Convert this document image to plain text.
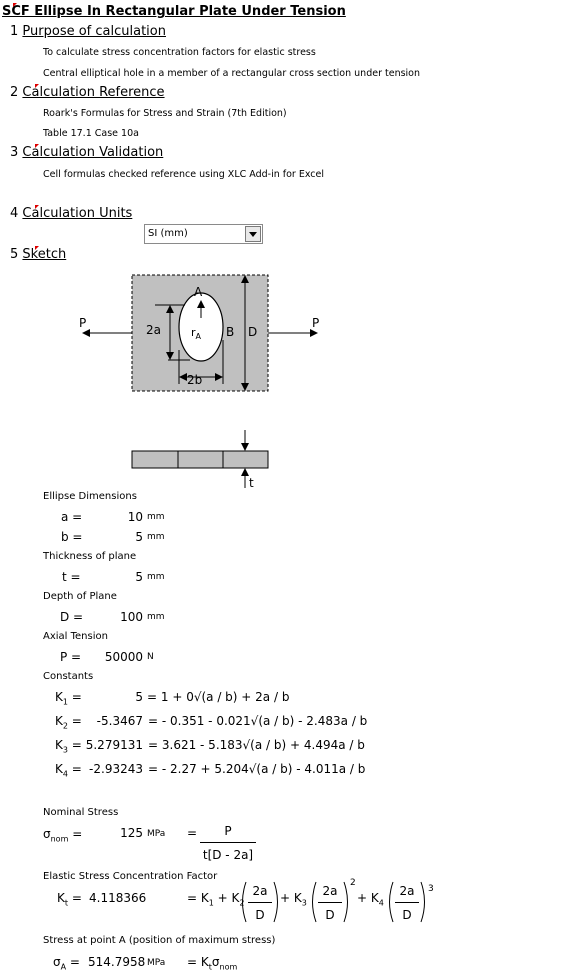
SCF Ellipse In Rectangular Plate Under Tension
1 Purpose of calculation
To calculate stress concentration factors for elastic stress
Central elliptical hole in a member of a rectangular cross section under tension
2 Calculation Reference
Roark's Formulas for Stress and Strain (7th Edition)
Table 17.1 Case 10a
3 Calculation Validation
Cell formulas checked reference using XLC Add-in for Excel
4 Calculation Units
SI (mm)
5 Sketch
P	P
A
$r_A$
2a	B D
2b
t
Ellipse Dimensions
a =	10 mm
b =	5 mm
Thickness of plane
t =	5 mm
Depth of Plane
D =	100 mm
Axial Tension
P =	50000 N
Constants
$K_1$ =	5 = 1 + 0√(a / b) + 2a / b
$K_2$ =	-5.3467 = - 0.351 - 0.021√(a / b) - 2.483a / b
$K_3 = 5.279131 = 3.621 - 5.183√(a / b) + 4.494a / b$
$K_4 = -2.93243$ = - 2.27 + 5.204√(a / b) - 4.011a / b
Nominal Stress
$\sigma_{nom}$ =	125 MPa =	P
t[D - 2a]
Elastic Stress Concentration Factor
$K_t = 4.118366$	= $K_1 + K_2$
2a
D
+ $K_3$
2a
D
2
+ $K_4$
2a
D
3
Stress at point A (position of maximum stress)
$\sigma_A = 514.7958$ MPa = $K_t\sigma_{nom}$
